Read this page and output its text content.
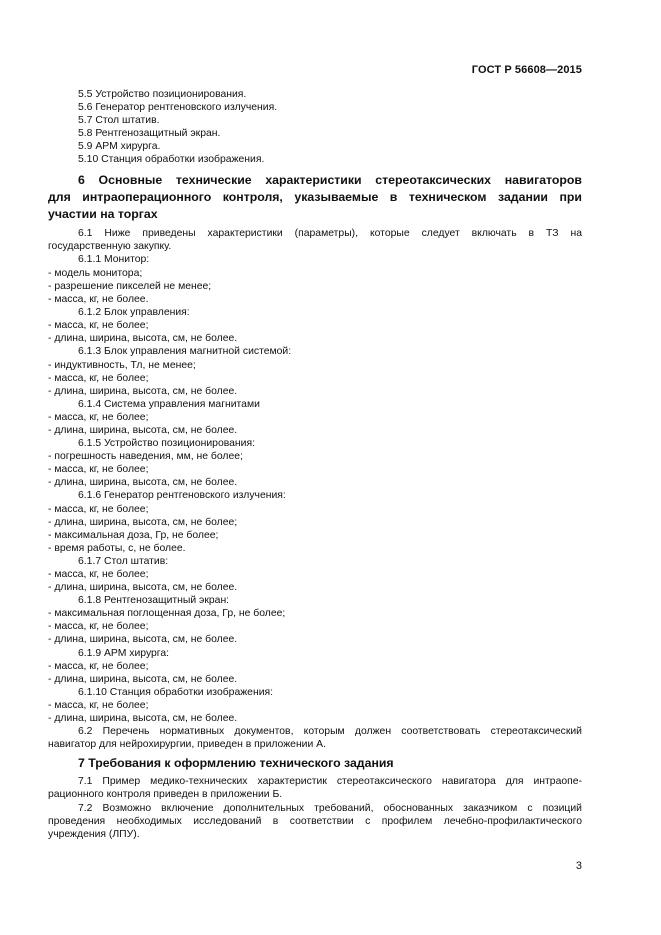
ГОСТ Р 56608—2015
5.5 Устройство позиционирования.
5.6 Генератор рентгеновского излучения.
5.7 Стол штатив.
5.8 Рентгенозащитный экран.
5.9 АРМ хирурга.
5.10 Станция обработки изображения.
6 Основные технические характеристики стереотаксических навигаторов
для интраоперационного контроля, указываемые в техническом задании при
участии на торгах
6.1 Ниже приведены характеристики (параметры), которые следует включать в ТЗ на
государственную закупку.
6.1.1 Монитор:
- модель монитора;
- разрешение пикселей не менее;
- масса, кг, не более.
6.1.2 Блок управления:
- масса, кг, не более;
- длина, ширина, высота, см, не более.
6.1.3 Блок управления магнитной системой:
- индуктивность, Тл, не менее;
- масса, кг, не более;
- длина, ширина, высота, см, не более.
6.1.4 Система управления магнитами
- масса, кг, не более;
- длина, ширина, высота, см, не более.
6.1.5 Устройство позиционирования:
- погрешность наведения, мм, не более;
- масса, кг, не более;
- длина, ширина, высота, см, не более.
6.1.6 Генератор рентгеновского излучения:
- масса, кг, не более;
- длина, ширина, высота, см, не более;
- максимальная доза, Гр, не более;
- время работы, с, не более.
6.1.7 Стол штатив:
- масса, кг, не более;
- длина, ширина, высота, см, не более.
6.1.8 Рентгенозащитный экран:
- максимальная поглощенная доза, Гр, не более;
- масса, кг, не более;
- длина, ширина, высота, см, не более.
6.1.9 АРМ хирурга:
- масса, кг, не более;
- длина, ширина, высота, см, не более.
6.1.10 Станция обработки изображения:
- масса, кг, не более;
- длина, ширина, высота, см, не более.
6.2 Перечень нормативных документов, которым должен соответствовать стереотаксический
навигатор для нейрохирургии, приведен в приложении А.
7 Требования к оформлению технического задания
7.1 Пример медико-технических характеристик стереотаксического навигатора для интраопе-
рационного контроля приведен в приложении Б.
7.2 Возможно включение дополнительных требований, обоснованных заказчиком с позиций
проведения необходимых исследований в соответствии с профилем лечебно-профилактического
учреждения (ЛПУ).
3
